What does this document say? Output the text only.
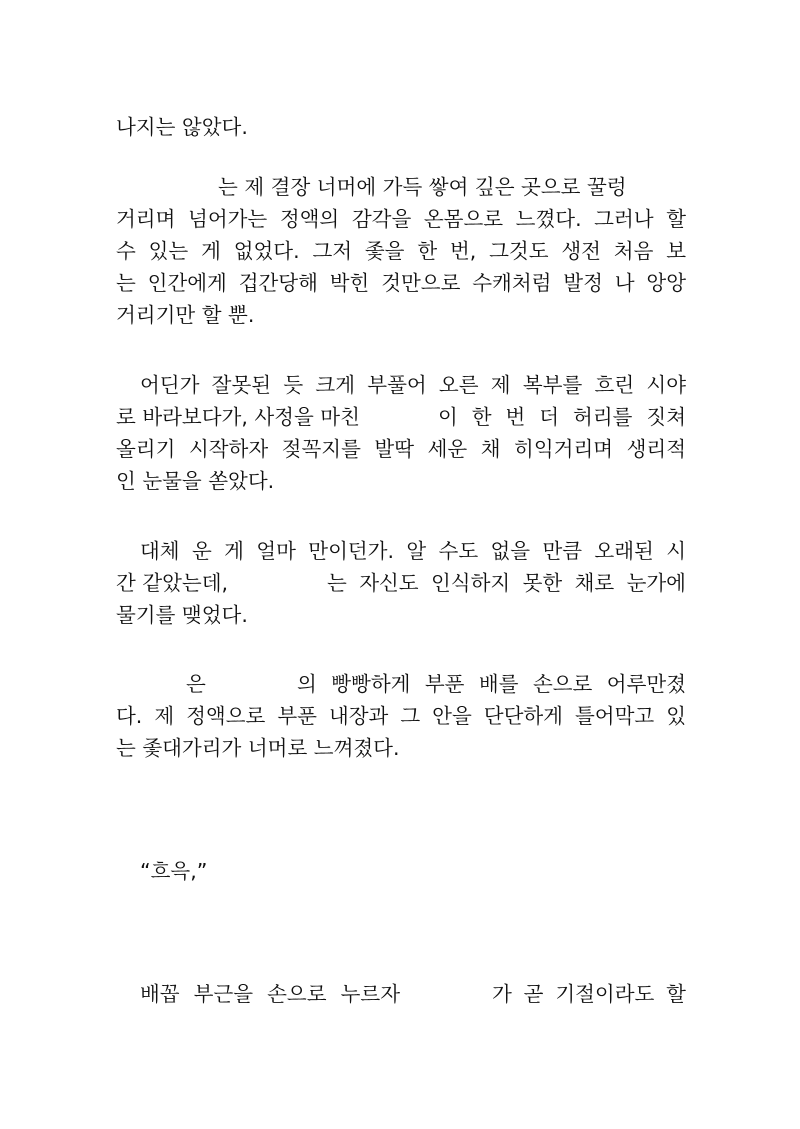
나지는 않았다.

는 제 결장 너머에 가득 쌓여 깊은 곳으로 꿀렁

거리며 넘어가는 정액의 감각을 온몸으로 느꼈다. 그러나 할

수 있는 게 없었다. 그저 좇을 한 번, 그것도 생전 처음 보

는 인간에게 겁간당해 박힌 것만으로 수캐처럼 발정 나 앙앙

거리기만 할 뿐.

어딘가 잘못된 듯 크게 부풀어 오른 제 복부를 흐린 시야

로 바라보다가, 사정을 마친	이 한 번 더 허리를 짓쳐

올리기 시작하자 젖꼭지를 발딱 세운 채 히익거리며 생리적

인 눈물을 쏟았다.

대체 운 게 얼마 만이던가. 알 수도 없을 만큼 오래된 시

간 같았는데,	는 자신도 인식하지 못한 채로 눈가에

물기를 맺었다.

은	의 빵빵하게 부푼 배를 손으로 어루만졌

다. 제 정액으로 부푼 내장과 그 안을 단단하게 틀어막고 있

는 좇대가리가 너머로 느껴졌다.

“흐윽,”

배꼽 부근을 손으로 누르자	가 곧 기절이라도 할
